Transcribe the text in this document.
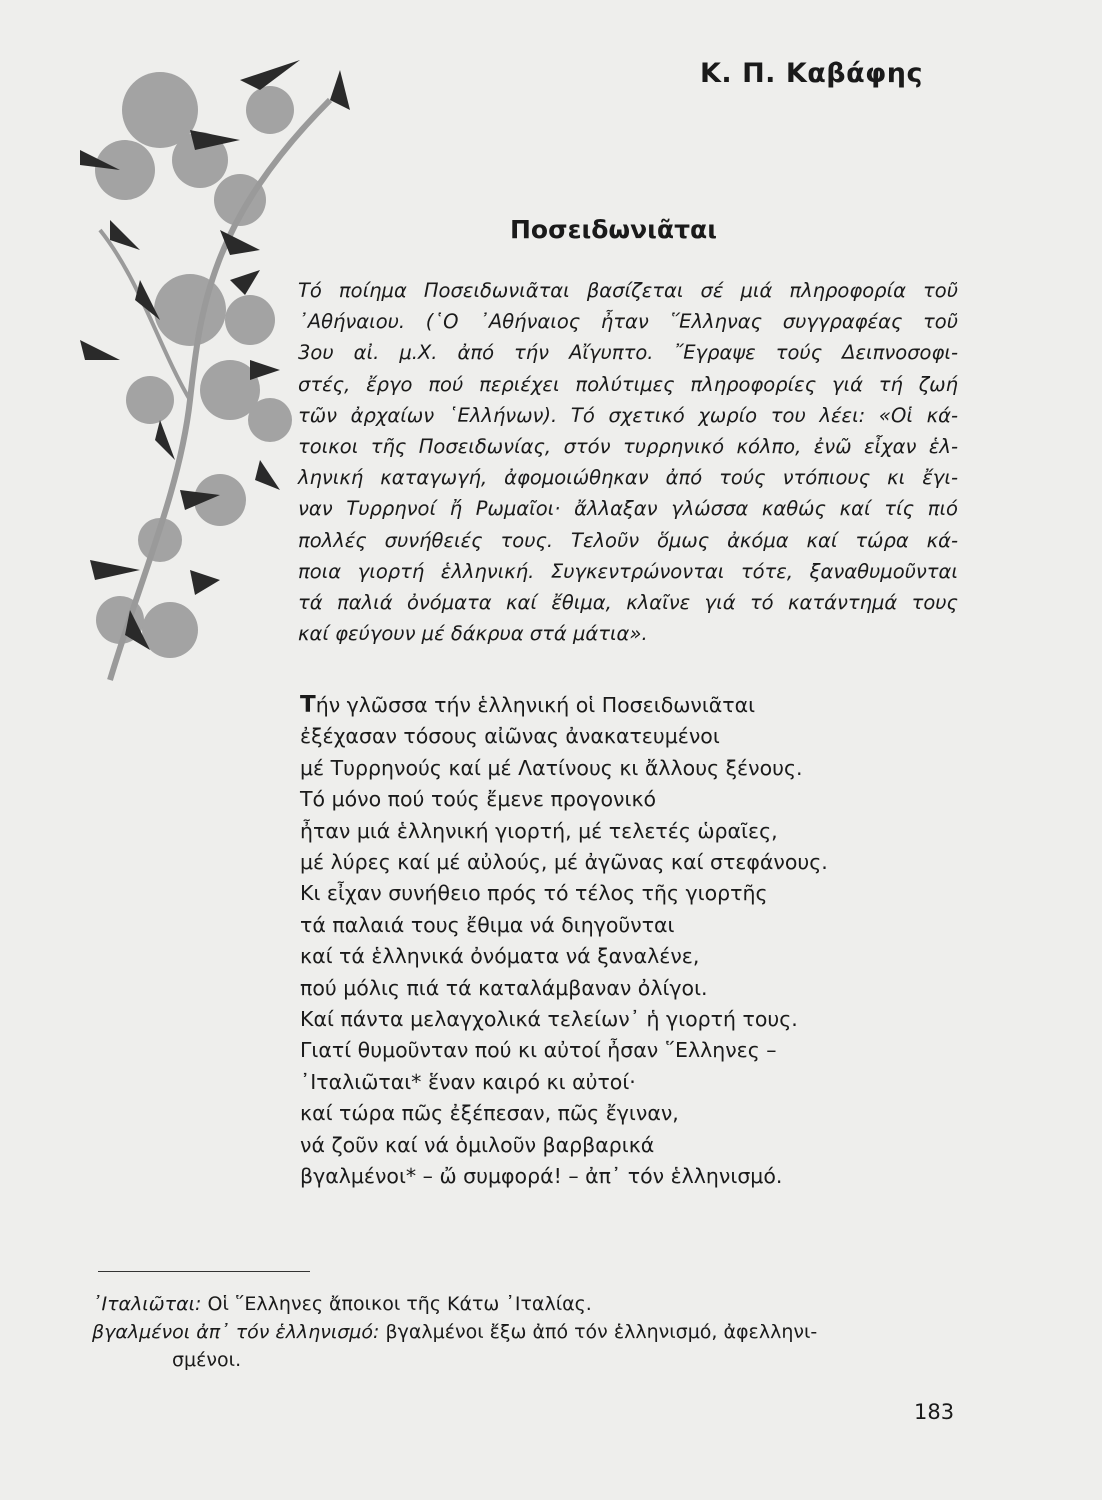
Κ. Π. Καβάφης
Ποσειδωνιᾶται
Τό ποίημα Ποσειδωνιᾶται βασίζεται σέ μιά πληροφορία τοῦ
᾿Αθήναιου. (῾Ο ᾿Αθήναιος ἦταν ῞Ελληνας συγγραφέας τοῦ
3ου αἰ. μ.Χ. ἀπό τήν Αἴγυπτο. ῎Εγραψε τούς Δειπνοσοφι-
στές, ἔργο πού περιέχει πολύτιμες πληροφορίες γιά τή ζωή
τῶν ἀρχαίων ῾Ελλήνων). Τό σχετικό χωρίο του λέει: «Οἱ κά-
τοικοι τῆς Ποσειδωνίας, στόν τυρρηνικό κόλπο, ἐνῶ εἶχαν ἑλ-
ληνική καταγωγή, ἀφομοιώθηκαν ἀπό τούς ντόπιους κι ἔγι-
ναν Τυρρηνοί ἤ Ρωμαῖοι· ἄλλαξαν γλώσσα καθώς καί τίς πιό
πολλές συνήθειές τους. Τελοῦν ὅμως ἀκόμα καί τώρα κά-
ποια γιορτή ἑλληνική. Συγκεντρώνονται τότε, ξαναθυμοῦνται
τά παλιά ὀνόματα καί ἔθιμα, κλαῖνε γιά τό κατάντημά τους
καί φεύγουν μέ δάκρυα στά μάτια».
Τήν γλῶσσα τήν ἑλληνική οἱ Ποσειδωνιᾶται
ἐξέχασαν τόσους αἰῶνας ἀνακατευμένοι
μέ Τυρρηνούς καί μέ Λατίνους κι ἄλλους ξένους.
Τό μόνο πού τούς ἔμενε προγονικό
ἦταν μιά ἑλληνική γιορτή, μέ τελετές ὡραῖες,
μέ λύρες καί μέ αὐλούς, μέ ἀγῶνας καί στεφάνους.
Κι εἶχαν συνήθειο πρός τό τέλος τῆς γιορτῆς
τά παλαιά τους ἔθιμα νά διηγοῦνται
καί τά ἑλληνικά ὀνόματα νά ξαναλένε,
πού μόλις πιά τά καταλάμβαναν ὀλίγοι.
Καί πάντα μελαγχολικά τελείων᾿ ἡ γιορτή τους.
Γιατί θυμοῦνταν πού κι αὐτοί ἦσαν ῞Ελληνες –
᾿Ιταλιῶται* ἕναν καιρό κι αὐτοί·
καί τώρα πῶς ἐξέπεσαν, πῶς ἔγιναν,
νά ζοῦν καί νά ὁμιλοῦν βαρβαρικά
βγαλμένοι* – ὤ συμφορά! – ἀπ᾿ τόν ἑλληνισμό.
᾿Ιταλιῶται: Οἱ ῞Ελληνες ἄποικοι τῆς Κάτω ᾿Ιταλίας.
βγαλμένοι ἀπ᾿ τόν ἑλληνισμό: βγαλμένοι ἔξω ἀπό τόν ἑλληνισμό, ἀφελληνι-
σμένοι.
183
